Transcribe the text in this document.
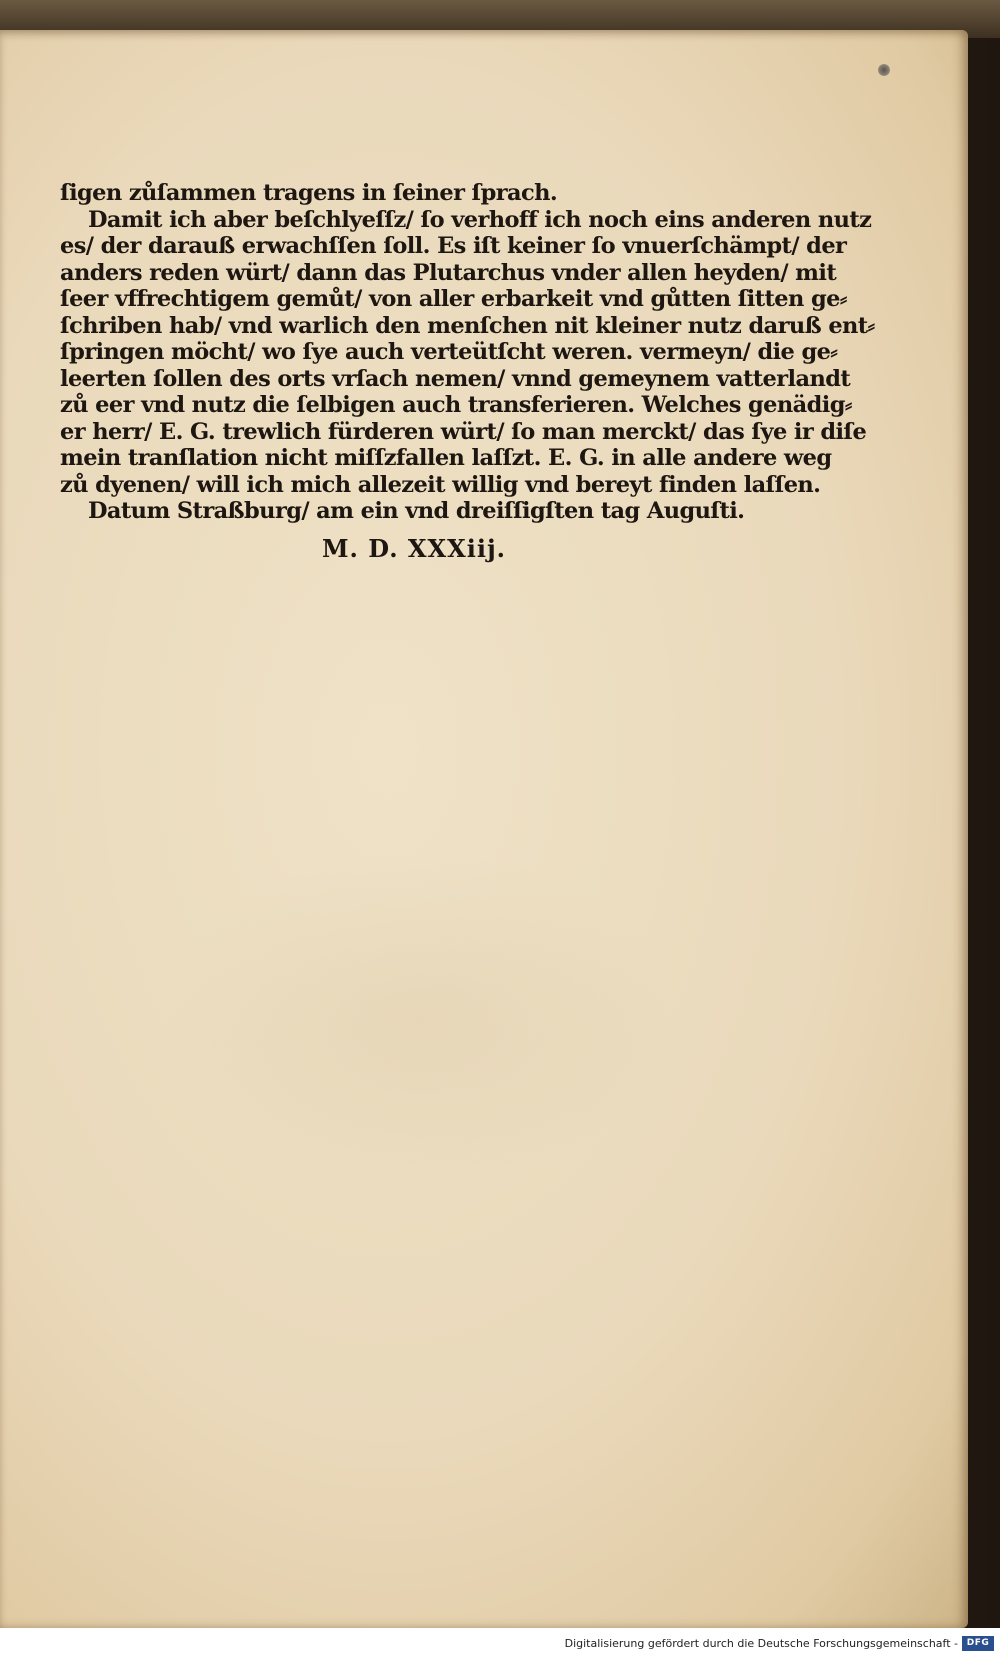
ſigen zůſammen tragens in ſeiner ſprach.
Damit ich aber beſchlyeſſz/ ſo verhoff ich noch eins anderen nutz
es/ der darauß erwachſſen ſoll. Es iſt keiner ſo vnuerſchämpt/ der
anders reden würt/ dann das Plutarchus vnder allen heyden/ mit
ſeer vffrechtigem gemůt/ von aller erbarkeit vnd gůtten ſitten ge⸗
ſchriben hab/ vnd warlich den menſchen nit kleiner nutz daruß ent⸗
ſpringen möcht/ wo ſye auch verteütſcht weren. vermeyn/ die ge⸗
leerten ſollen des orts vrſach nemen/ vnnd gemeynem vatterlandt
zů eer vnd nutz die ſelbigen auch transferieren. Welches genädig⸗
er herr/ E. G. trewlich fürderen würt/ ſo man merckt/ das ſye ir diſe
mein tranſlation nicht miſſzfallen laſſzt. E. G. in alle andere weg
zů dyenen/ will ich mich allezeit willig vnd bereyt finden laſſen.
Datum Straßburg/ am ein vnd dreiſſigſten tag Auguſti.
M. D. XXXiij.
Digitalisierung gefördert durch die Deutsche Forschungsgemeinschaft - DFG
